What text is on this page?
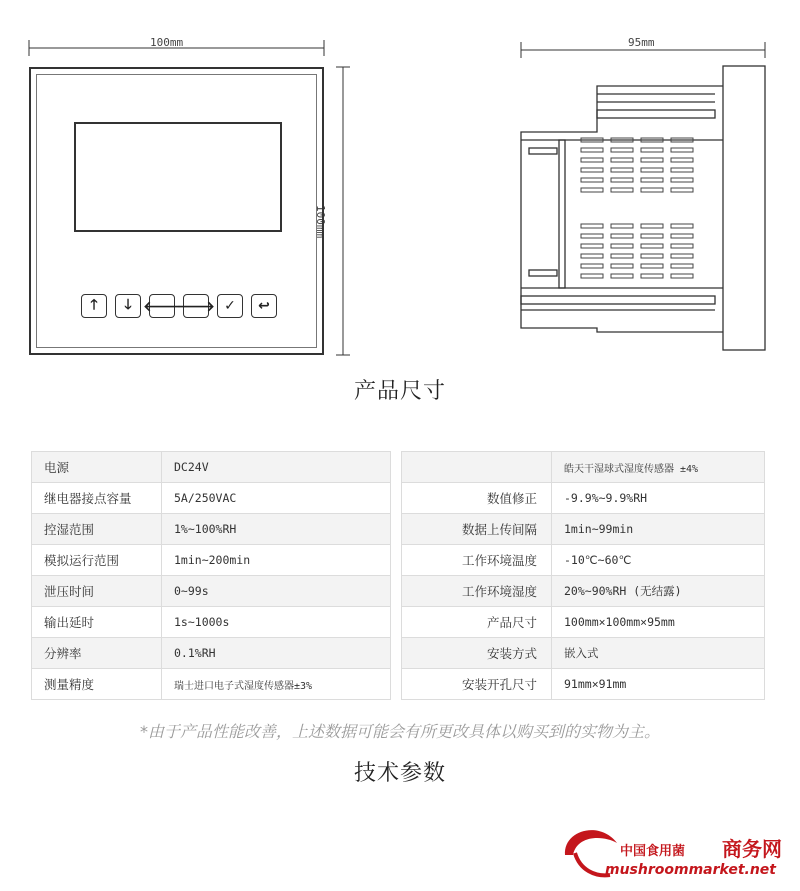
100mm
100mm
🡑 🡓 🡐
🡒 ✓ ↩
95mm
产品尺寸
电源	DC24V
继电器接点容量	5A/250VAC
控湿范围	1%~100%RH
模拟运行范围	1min~200min
泄压时间	0~99s
输出延时	1s~1000s
分辨率	0.1%RH
测量精度	瑞士进口电子式湿度传感器±3%
	皓天干湿球式湿度传感器 ±4%
数值修正	-9.9%~9.9%RH
数据上传间隔	1min~99min
工作环境温度	-10℃~60℃
工作环境湿度	20%~90%RH (无结露)
产品尺寸	100mm×100mm×95mm
安装方式	嵌入式
安装开孔尺寸	91mm×91mm
*由于产品性能改善，上述数据可能会有所更改具体以购买到的实物为主。
技术参数
中国食用菌 商务网
mushroommarket.net
